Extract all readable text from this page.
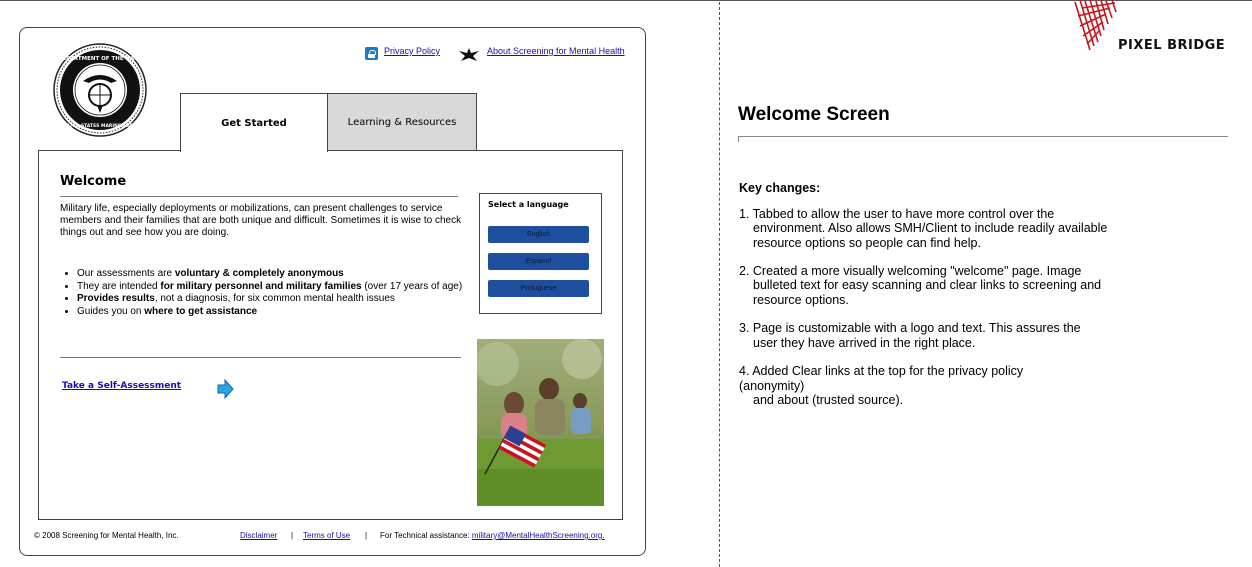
DEPARTMENT OF THE NAVY
UNITED STATES MARINE CORPS
Privacy Policy	About Screening for Mental Health
Get Started	Learning & Resources
Welcome
Military life, especially deployments or mobilizations, can present challenges to service members and their families that are both unique and difficult. Sometimes it is wise to check things out and see how you are doing.
• Our assessments are voluntary & completely anonymous
• They are intended for military personnel and military families (over 17 years of age)
• Provides results, not a diagnosis, for six common mental health issues
• Guides you on where to get assistance
Take a Self-Assessment
Select a language
English
Espanol
Portuguese
© 2008 Screening for Mental Health, Inc.	Disclaimer | Terms of Use | For Technical assistance: military@MentalHealthScreening.org.
PIXEL BRIDGE
Welcome Screen
Key changes:
1. Tabbed to allow the user to have more control over the
environment. Also allows SMH/Client to include readily available resource options so people can find help.
2. Created a more visually welcoming "welcome" page. Image
bulleted text for easy scanning and clear links to screening and resource options.
3. Page is customizable with a logo and text. This assures the
user they have arrived in the right place.
4. Added Clear links at the top for the privacy policy (anonymity)
and about (trusted source).
